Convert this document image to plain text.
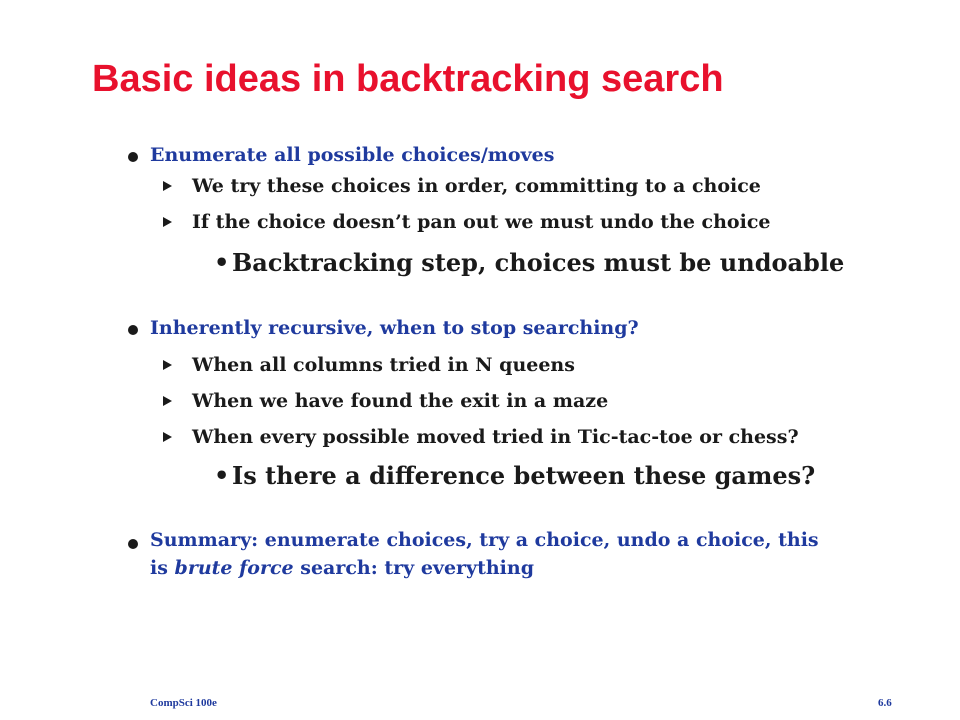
Basic ideas in backtracking search
Enumerate all possible choices/moves
We try these choices in order, committing to a choice
If the choice doesn’t pan out we must undo the choice
• Backtracking step, choices must be undoable
Inherently recursive, when to stop searching?
When all columns tried in N queens
When we have found the exit in a maze
When every possible moved tried in Tic-tac-toe or chess?
• Is there a difference between these games?
Summary: enumerate choices, try a choice, undo a choice, this
is brute force search: try everything
CompSci 100e	6.6
